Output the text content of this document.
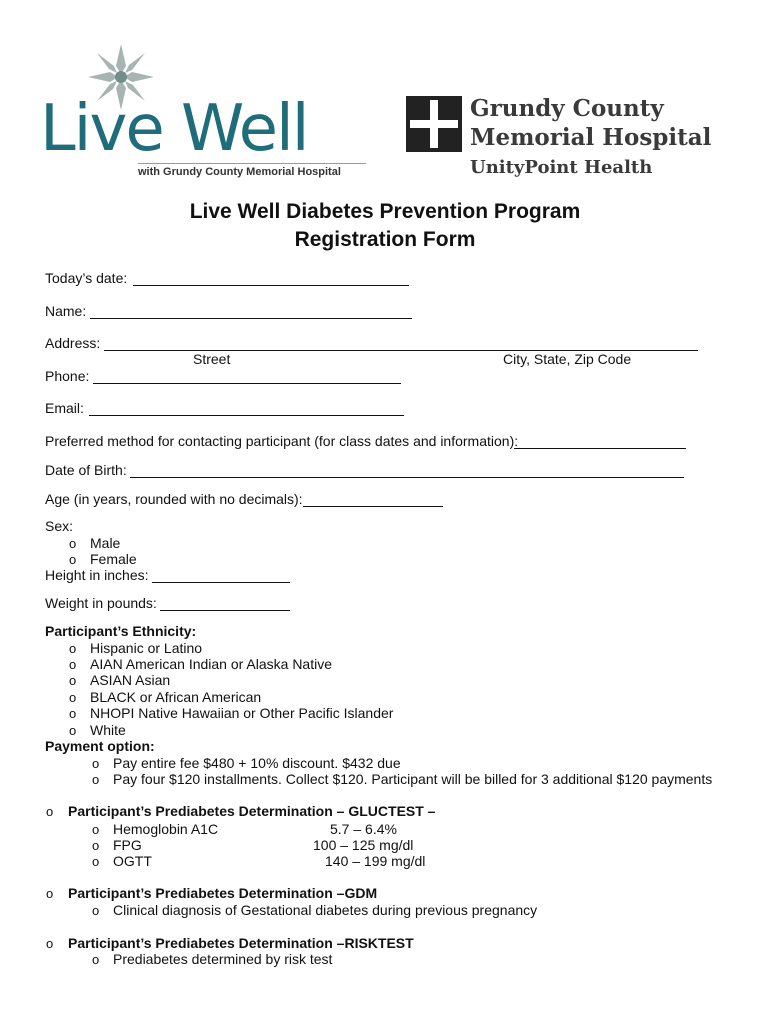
Live Well
with Grundy County Memorial Hospital
Grundy County
Memorial Hospital
UnityPoint Health
Live Well Diabetes Prevention Program
Registration Form
Today’s date:
Name:
Address:
Street	City, State, Zip Code
Phone:
Email:
Preferred method for contacting participant (for class dates and information):
Date of Birth:
Age (in years, rounded with no decimals):
Sex:
o Male
o Female
Height in inches:
Weight in pounds:
Participant’s Ethnicity:
o Hispanic or Latino
o AIAN American Indian or Alaska Native
o ASIAN Asian
o BLACK or African American
o NHOPI Native Hawaiian or Other Pacific Islander
o White
Payment option:
o Pay entire fee $480 + 10% discount. $432 due
o Pay four $120 installments. Collect $120. Participant will be billed for 3 additional $120 payments
o Participant’s Prediabetes Determination – GLUCTEST –
o Hemoglobin A1C	5.7 – 6.4%
o FPG	100 – 125 mg/dl
o OGTT	140 – 199 mg/dl
o Participant’s Prediabetes Determination –GDM
o Clinical diagnosis of Gestational diabetes during previous pregnancy
o Participant’s Prediabetes Determination –RISKTEST
o Prediabetes determined by risk test
